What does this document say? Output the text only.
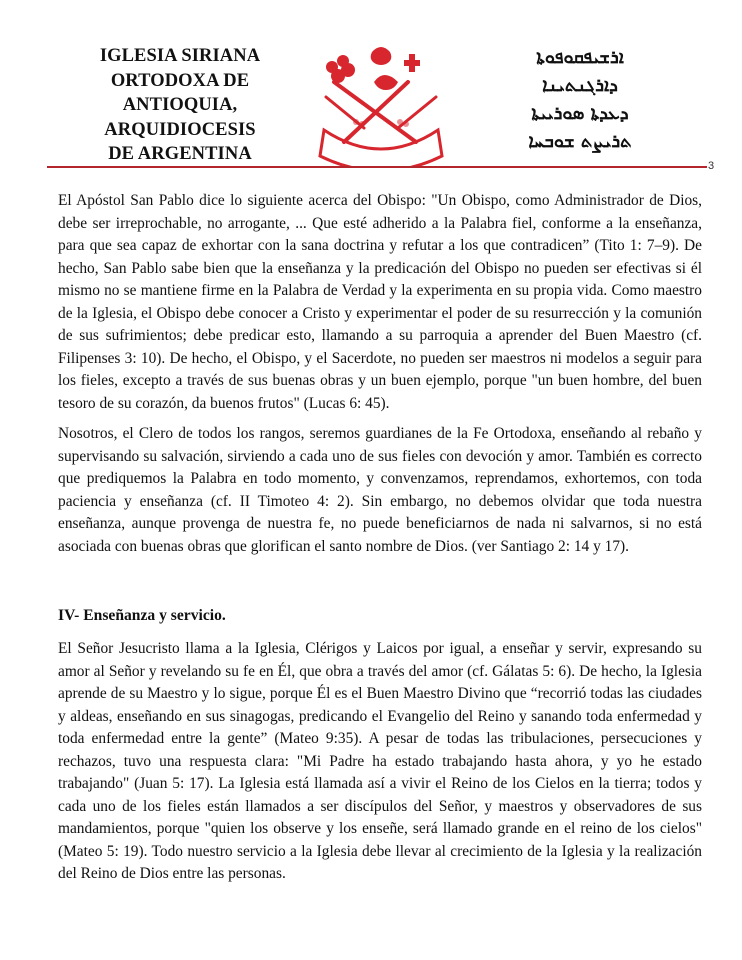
IGLESIA SIRIANA
ORTODOXA DE
ANTIOQUIA,
ARQUIDIOCESIS
DE ARGENTINA
ܐܪܫܝܦܩܘܦܘܬܐ
ܕܐܪܓܢܬܝܢܐ
ܕܥܕܬܐ ܣܘܪܝܝܬܐ
ܬܪܝܨܬ ܫܘܒܚܐ
3

El Apóstol San Pablo dice lo siguiente acerca del Obispo: "Un Obispo, como Administrador de Dios, debe ser irreprochable, no arrogante, ... Que esté adherido a la Palabra fiel, conforme a la enseñanza, para que sea capaz de exhortar con la sana doctrina y refutar a los que contradicen” (Tito 1: 7–9). De hecho, San Pablo sabe bien que la enseñanza y la predicación del Obispo no pueden ser efectivas si él mismo no se mantiene firme en la Palabra de Verdad y la experimenta en su propia vida. Como maestro de la Iglesia, el Obispo debe conocer a Cristo y experimentar el poder de su resurrección y la comunión de sus sufrimientos; debe predicar esto, llamando a su parroquia a aprender del Buen Maestro (cf. Filipenses 3: 10). De hecho, el Obispo, y el Sacerdote, no pueden ser maestros ni modelos a seguir para los fieles, excepto a través de sus buenas obras y un buen ejemplo, porque "un buen hombre, del buen tesoro de su corazón, da buenos frutos" (Lucas 6: 45).

Nosotros, el Clero de todos los rangos, seremos guardianes de la Fe Ortodoxa, enseñando al rebaño y supervisando su salvación, sirviendo a cada uno de sus fieles con devoción y amor. También es correcto que prediquemos la Palabra en todo momento, y convenzamos, reprendamos, exhortemos, con toda paciencia y enseñanza (cf. II Timoteo 4: 2). Sin embargo, no debemos olvidar que toda nuestra enseñanza, aunque provenga de nuestra fe, no puede beneficiarnos de nada ni salvarnos, si no está asociada con buenas obras que glorifican el santo nombre de Dios. (ver Santiago 2: 14 y 17).

IV- Enseñanza y servicio.

El Señor Jesucristo llama a la Iglesia, Clérigos y Laicos por igual, a enseñar y servir, expresando su amor al Señor y revelando su fe en Él, que obra a través del amor (cf. Gálatas 5: 6). De hecho, la Iglesia aprende de su Maestro y lo sigue, porque Él es el Buen Maestro Divino que “recorrió todas las ciudades y aldeas, enseñando en sus sinagogas, predicando el Evangelio del Reino y sanando toda enfermedad y toda enfermedad entre la gente” (Mateo 9:35). A pesar de todas las tribulaciones, persecuciones y rechazos, tuvo una respuesta clara: "Mi Padre ha estado trabajando hasta ahora, y yo he estado trabajando" (Juan 5: 17). La Iglesia está llamada así a vivir el Reino de los Cielos en la tierra; todos y cada uno de los fieles están llamados a ser discípulos del Señor, y maestros y observadores de sus mandamientos, porque "quien los observe y los enseñe, será llamado grande en el reino de los cielos" (Mateo 5: 19). Todo nuestro servicio a la Iglesia debe llevar al crecimiento de la Iglesia y la realización del Reino de Dios entre las personas.
